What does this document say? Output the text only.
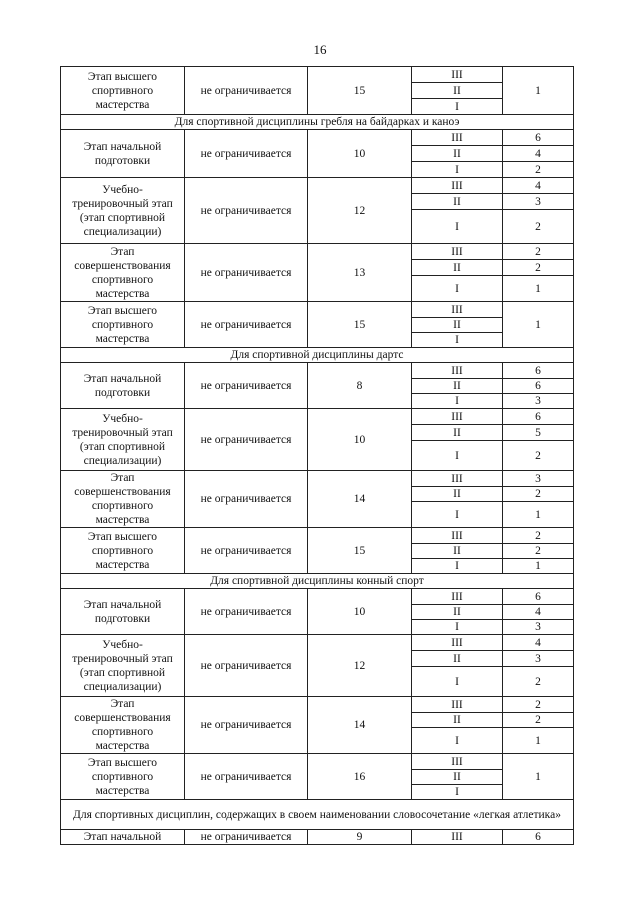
16
Этап высшего
спортивного
мастерства	не ограничивается	15	III	1
			II	
			I	
Для спортивной дисциплины гребля на байдарках и каноэ				
Этап начальной
подготовки	не ограничивается	10	III	6
			II	4
			I	2
Учебно-
тренировочный этап
(этап спортивной
специализации)	не ограничивается	12	III	4
			II	3
			I	2
Этап
совершенствования
спортивного
мастерства	не ограничивается	13	III	2
			II	2
			I	1
Этап высшего
спортивного
мастерства	не ограничивается	15	III	1
			II	
			I	
Для спортивной дисциплины дартс				
Этап начальной
подготовки	не ограничивается	8	III	6
			II	6
			I	3
Учебно-
тренировочный этап
(этап спортивной
специализации)	не ограничивается	10	III	6
			II	5
			I	2
Этап
совершенствования
спортивного
мастерства	не ограничивается	14	III	3
			II	2
			I	1
Этап высшего
спортивного
мастерства	не ограничивается	15	III	2
			II	2
			I	1
Для спортивной дисциплины конный спорт				
Этап начальной
подготовки	не ограничивается	10	III	6
			II	4
			I	3
Учебно-
тренировочный этап
(этап спортивной
специализации)	не ограничивается	12	III	4
			II	3
			I	2
Этап
совершенствования
спортивного
мастерства	не ограничивается	14	III	2
			II	2
			I	1
Этап высшего
спортивного
мастерства	не ограничивается	16	III	1
			II	
			I	
Для спортивных дисциплин, содержащих в своем наименовании словосочетание «легкая атлетика»				
Этап начальной	не ограничивается	9	III	6
